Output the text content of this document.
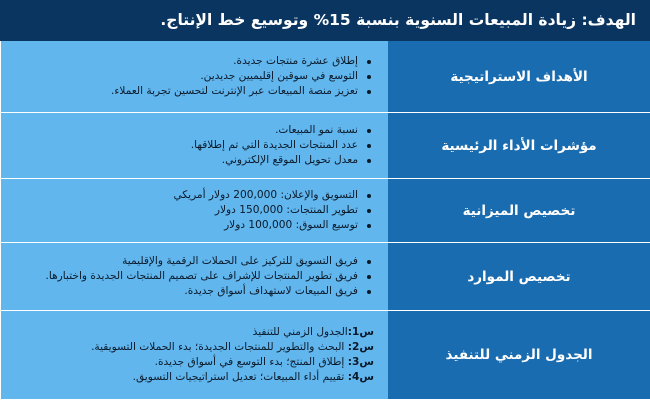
الهدف: زيادة المبيعات السنوية بنسبة 15% وتوسيع خط الإنتاج.
الأهداف الاستراتيجية
إطلاق عشرة منتجات جديدة.
التوسع في سوقين إقليميين جديدين.
تعزيز منصة المبيعات عبر الإنترنت لتحسين تجربة العملاء.
مؤشرات الأداء الرئيسية
نسبة نمو المبيعات.
عدد المنتجات الجديدة التي تم إطلاقها.
معدل تحويل الموقع الإلكتروني.
تخصيص الميزانية
التسويق والإعلان: 200,000 دولار أمريكي
تطوير المنتجات: 150,000 دولار
توسيع السوق: 100,000 دولار
تخصيص الموارد
فريق التسويق للتركيز على الحملات الرقمية والإقليمية
فريق تطوير المنتجات للإشراف على تصميم المنتجات الجديدة واختبارها.
فريق المبيعات لاستهداف أسواق جديدة.
الجدول الزمني للتنفيذ
س1:الجدول الزمني للتنفيذ
س2: البحث والتطوير للمنتجات الجديدة؛ بدء الحملات التسويقية.
س3: إطلاق المنتج؛ بدء التوسع في أسواق جديدة.
س4: تقييم أداء المبيعات؛ تعديل استراتيجيات التسويق.
